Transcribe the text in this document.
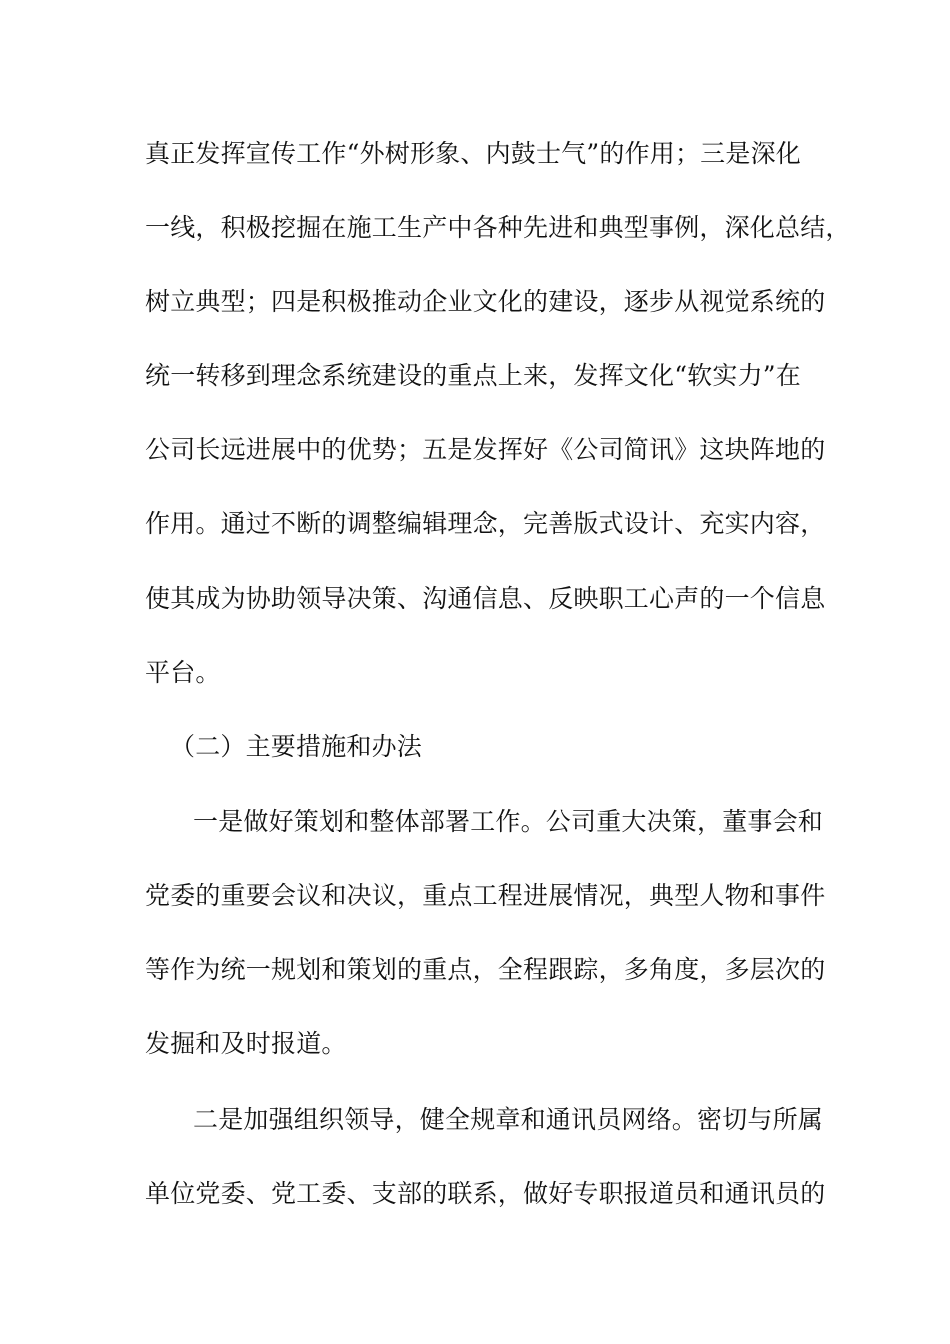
真正发挥宣传工作“外树形象、内鼓士气”的作用；三是深化
一线，积极挖掘在施工生产中各种先进和典型事例，深化总结，
树立典型；四是积极推动企业文化的建设，逐步从视觉系统的
统一转移到理念系统建设的重点上来，发挥文化“软实力”在
公司长远进展中的优势；五是发挥好《公司简讯》这块阵地的
作用。通过不断的调整编辑理念，完善版式设计、充实内容，
使其成为协助领导决策、沟通信息、反映职工心声的一个信息
平台。
（二）主要措施和办法
一是做好策划和整体部署工作。公司重大决策，董事会和
党委的重要会议和决议，重点工程进展情况，典型人物和事件
等作为统一规划和策划的重点，全程跟踪，多角度，多层次的
发掘和及时报道。
二是加强组织领导，健全规章和通讯员网络。密切与所属
单位党委、党工委、支部的联系，做好专职报道员和通讯员的
